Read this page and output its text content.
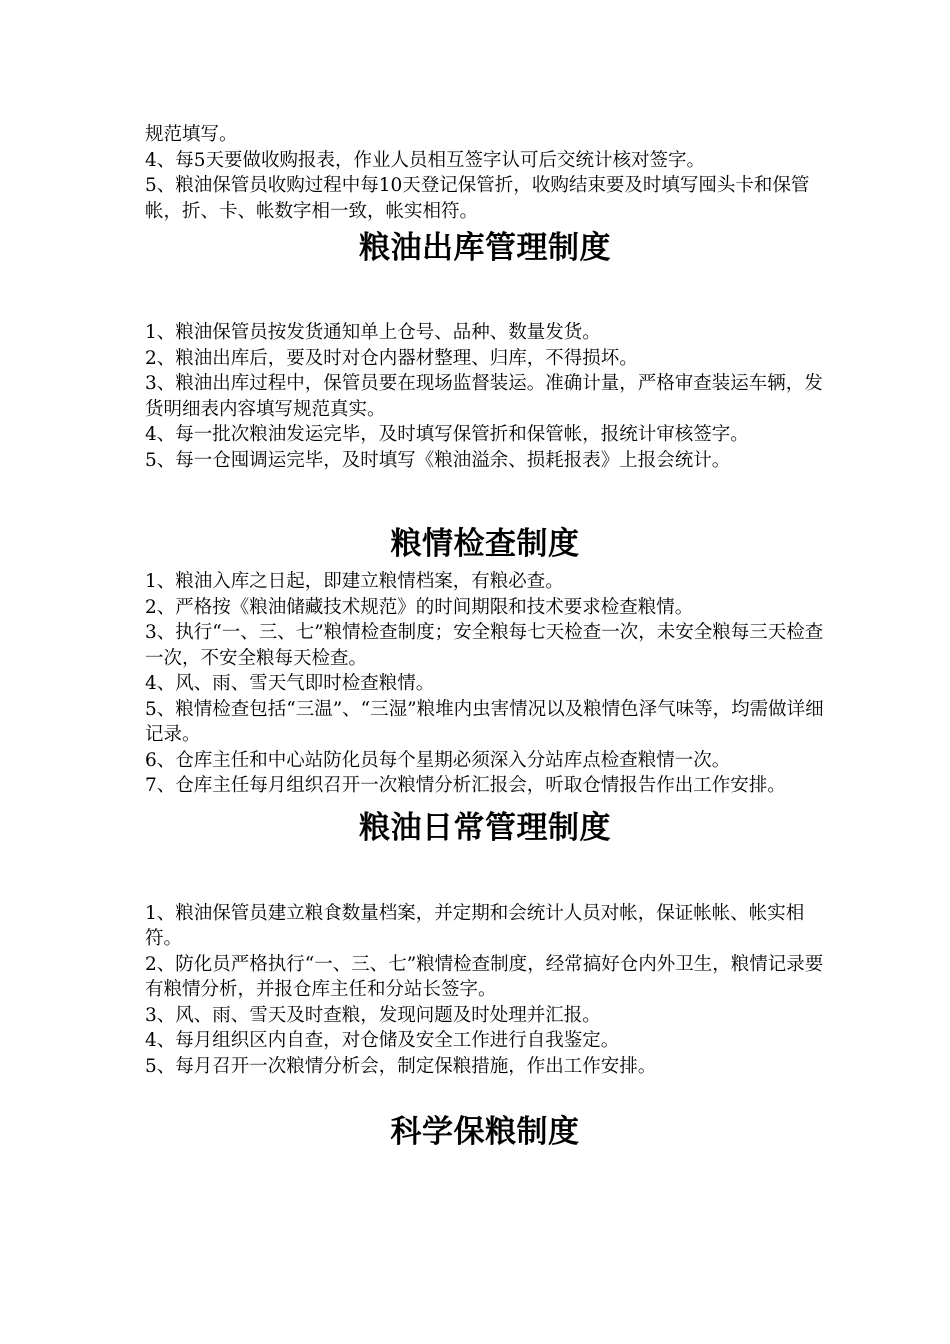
规范填写。

4、每5天要做收购报表，作业人员相互签字认可后交统计核对签字。

5、粮油保管员收购过程中每10天登记保管折，收购结束要及时填写囤头卡和保管帐，折、卡、帐数字相一致，帐实相符。

粮油出库管理制度

1、粮油保管员按发货通知单上仓号、品种、数量发货。

2、粮油出库后，要及时对仓内器材整理、归库，不得损坏。

3、粮油出库过程中，保管员要在现场监督装运。准确计量，严格审查装运车辆，发货明细表内容填写规范真实。

4、每一批次粮油发运完毕，及时填写保管折和保管帐，报统计审核签字。

5、每一仓囤调运完毕，及时填写《粮油溢余、损耗报表》上报会统计。

粮情检查制度

1、粮油入库之日起，即建立粮情档案，有粮必查。

2、严格按《粮油储藏技术规范》的时间期限和技术要求检查粮情。

3、执行“一、三、七”粮情检查制度；安全粮每七天检查一次，未安全粮每三天检查一次，不安全粮每天检查。

4、风、雨、雪天气即时检查粮情。

5、粮情检查包括“三温”、“三湿”粮堆内虫害情况以及粮情色泽气味等，均需做详细记录。

6、仓库主任和中心站防化员每个星期必须深入分站库点检查粮情一次。

7、仓库主任每月组织召开一次粮情分析汇报会，听取仓情报告作出工作安排。

粮油日常管理制度

1、粮油保管员建立粮食数量档案，并定期和会统计人员对帐，保证帐帐、帐实相符。

2、防化员严格执行“一、三、七”粮情检查制度，经常搞好仓内外卫生，粮情记录要有粮情分析，并报仓库主任和分站长签字。

3、风、雨、雪天及时查粮，发现问题及时处理并汇报。

4、每月组织区内自查，对仓储及安全工作进行自我鉴定。

5、每月召开一次粮情分析会，制定保粮措施，作出工作安排。

科学保粮制度
